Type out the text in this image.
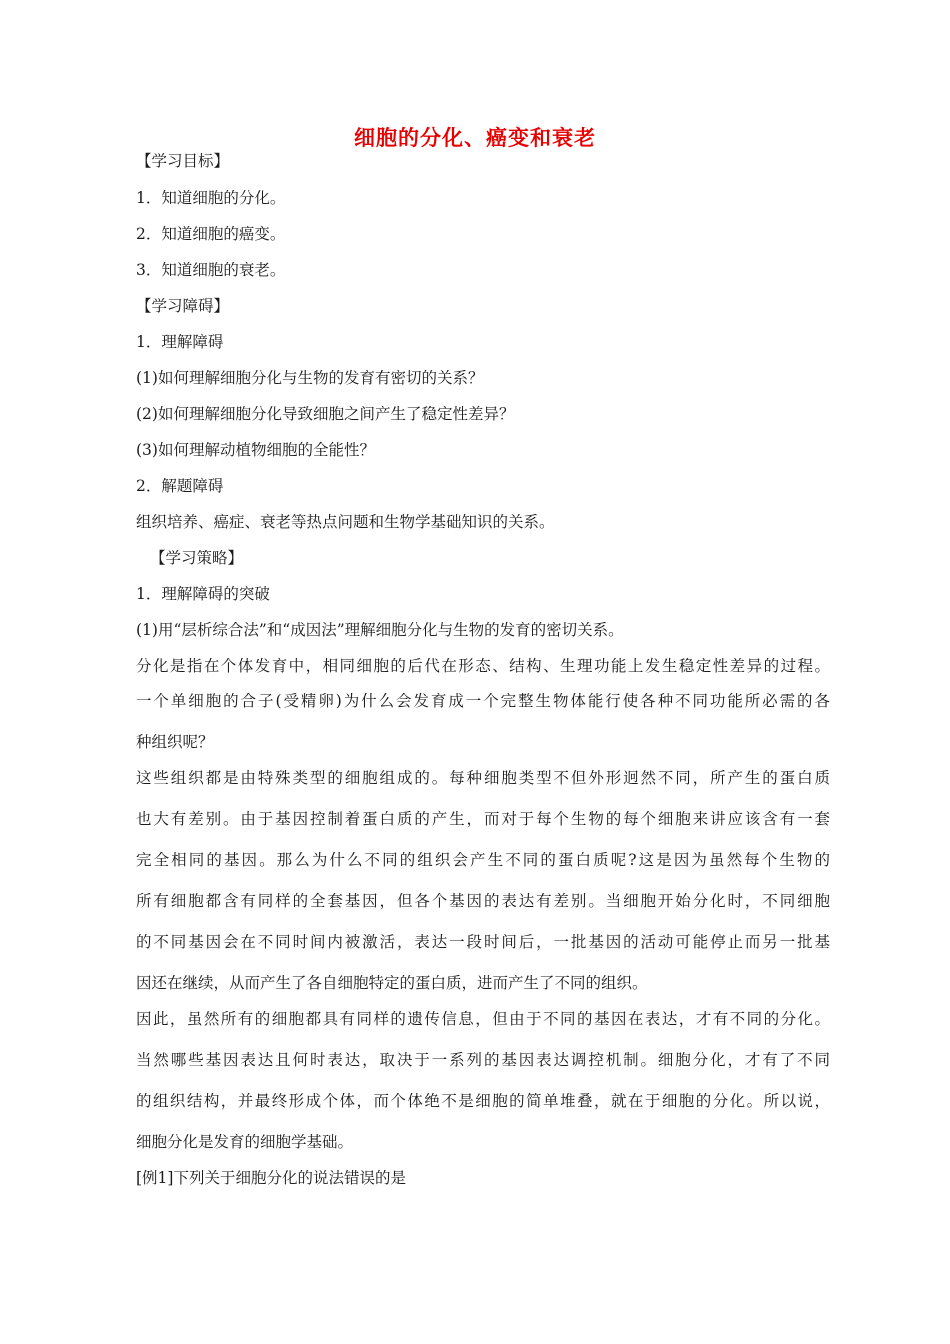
细胞的分化、癌变和衰老
【学习目标】
1．知道细胞的分化。
2．知道细胞的癌变。
3．知道细胞的衰老。
【学习障碍】
1．理解障碍
(1)如何理解细胞分化与生物的发育有密切的关系？
(2)如何理解细胞分化导致细胞之间产生了稳定性差异？
(3)如何理解动植物细胞的全能性？
2．解题障碍
组织培养、癌症、衰老等热点问题和生物学基础知识的关系。
【学习策略】
1．理解障碍的突破
(1)用“层析综合法”和“成因法”理解细胞分化与生物的发育的密切关系。
分化是指在个体发育中，相同细胞的后代在形态、结构、生理功能上发生稳定性差异的过程。
一个单细胞的合子(受精卵)为什么会发育成一个完整生物体能行使各种不同功能所必需的各
种组织呢？
这些组织都是由特殊类型的细胞组成的。每种细胞类型不但外形迥然不同，所产生的蛋白质
也大有差别。由于基因控制着蛋白质的产生，而对于每个生物的每个细胞来讲应该含有一套
完全相同的基因。那么为什么不同的组织会产生不同的蛋白质呢?这是因为虽然每个生物的
所有细胞都含有同样的全套基因，但各个基因的表达有差别。当细胞开始分化时，不同细胞
的不同基因会在不同时间内被激活，表达一段时间后，一批基因的活动可能停止而另一批基
因还在继续，从而产生了各自细胞特定的蛋白质，进而产生了不同的组织。
因此，虽然所有的细胞都具有同样的遗传信息，但由于不同的基因在表达，才有不同的分化。
当然哪些基因表达且何时表达，取决于一系列的基因表达调控机制。细胞分化，才有了不同
的组织结构，并最终形成个体，而个体绝不是细胞的简单堆叠，就在于细胞的分化。所以说，
细胞分化是发育的细胞学基础。
[例1]下列关于细胞分化的说法错误的是
